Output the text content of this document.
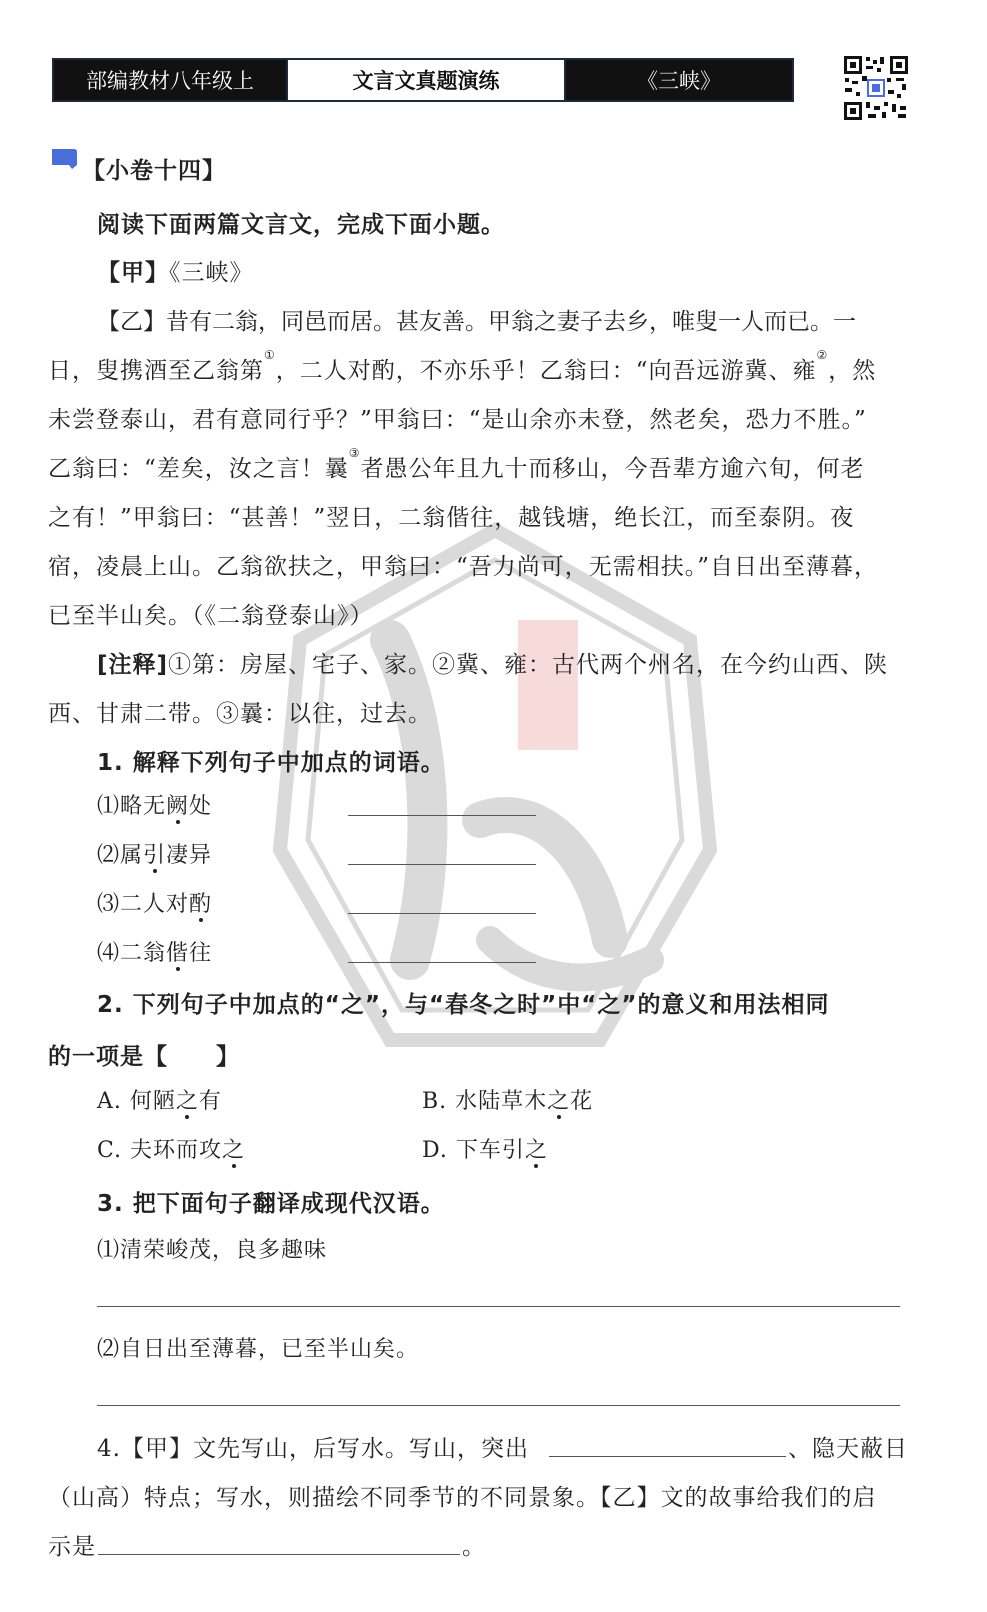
部编教材八年级上	文言文真题演练	《三峡》
【小卷十四】
阅读下面两篇文言文，完成下面小题。
【甲】《三峡》
【乙】昔有二翁，同邑而居。甚友善。甲翁之妻子去乡，唯叟一人而已。一
日，叟携酒至乙翁第①，二人对酌，不亦乐乎！乙翁曰：“向吾远游冀、雍②，然
未尝登泰山，君有意同行乎？”甲翁曰：“是山余亦未登，然老矣，恐力不胜。”
乙翁曰：“差矣，汝之言！曩③者愚公年且九十而移山，今吾辈方逾六旬，何老
之有！”甲翁曰：“甚善！”翌日，二翁偕往，越钱塘，绝长江，而至泰阴。夜
宿，凌晨上山。乙翁欲扶之，甲翁曰：“吾力尚可，无需相扶。”自日出至薄暮，
已至半山矣。（《二翁登泰山》）
[注释]①第：房屋、宅子、家。②冀、雍：古代两个州名，在今约山西、陕
西、甘肃二带。③曩：以往，过去。
1. 解释下列句子中加点的词语。
⑴略无阙处
⑵属引凄异
⑶二人对酌
⑷二翁偕往
2. 下列句子中加点的“之”，与“春冬之时”中“之”的意义和用法相同
的一项是【　　】
A. 何陋之有	B. 水陆草木之花
C. 夫环而攻之	D. 下车引之
3. 把下面句子翻译成现代汉语。
⑴清荣峻茂，良多趣味
⑵自日出至薄暮，已至半山矣。
4.【甲】文先写山，后写水。写山，突出	、隐天蔽日
（山高）特点；写水，则描绘不同季节的不同景象。【乙】文的故事给我们的启
示是	。
